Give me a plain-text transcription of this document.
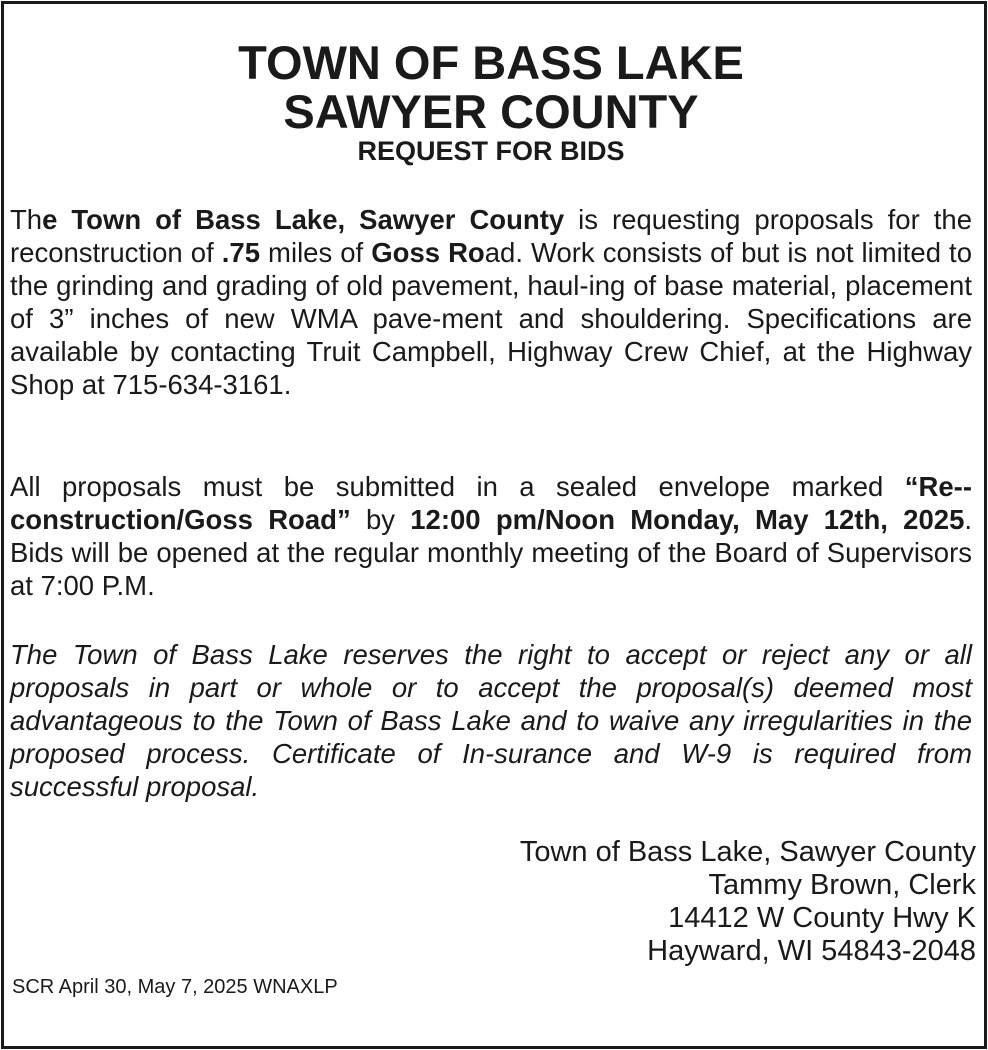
TOWN OF BASS LAKE
SAWYER COUNTY
REQUEST FOR BIDS

The Town of Bass Lake, Sawyer County is requesting proposals for the reconstruction of .75 miles of Goss Road. Work consists of but is not limited to the grinding and grading of old pavement, haul-ing of base material, placement of 3” inches of new WMA pave-ment and shouldering. Specifications are available by contacting Truit Campbell, Highway Crew Chief, at the Highway Shop at 715-634-3161.

All proposals must be submitted in a sealed envelope marked “Re-construction/Goss Road” by 12:00 pm/Noon Monday, May 12th, 2025. Bids will be opened at the regular monthly meeting of the Board of Supervisors at 7:00 P.M.

The Town of Bass Lake reserves the right to accept or reject any or all proposals in part or whole or to accept the proposal(s) deemed most advantageous to the Town of Bass Lake and to waive any irregularities in the proposed process. Certificate of In-surance and W-9 is required from successful proposal.

Town of Bass Lake, Sawyer County
Tammy Brown, Clerk
14412 W County Hwy K
Hayward, WI 54843-2048
SCR April 30, May 7, 2025 WNAXLP
